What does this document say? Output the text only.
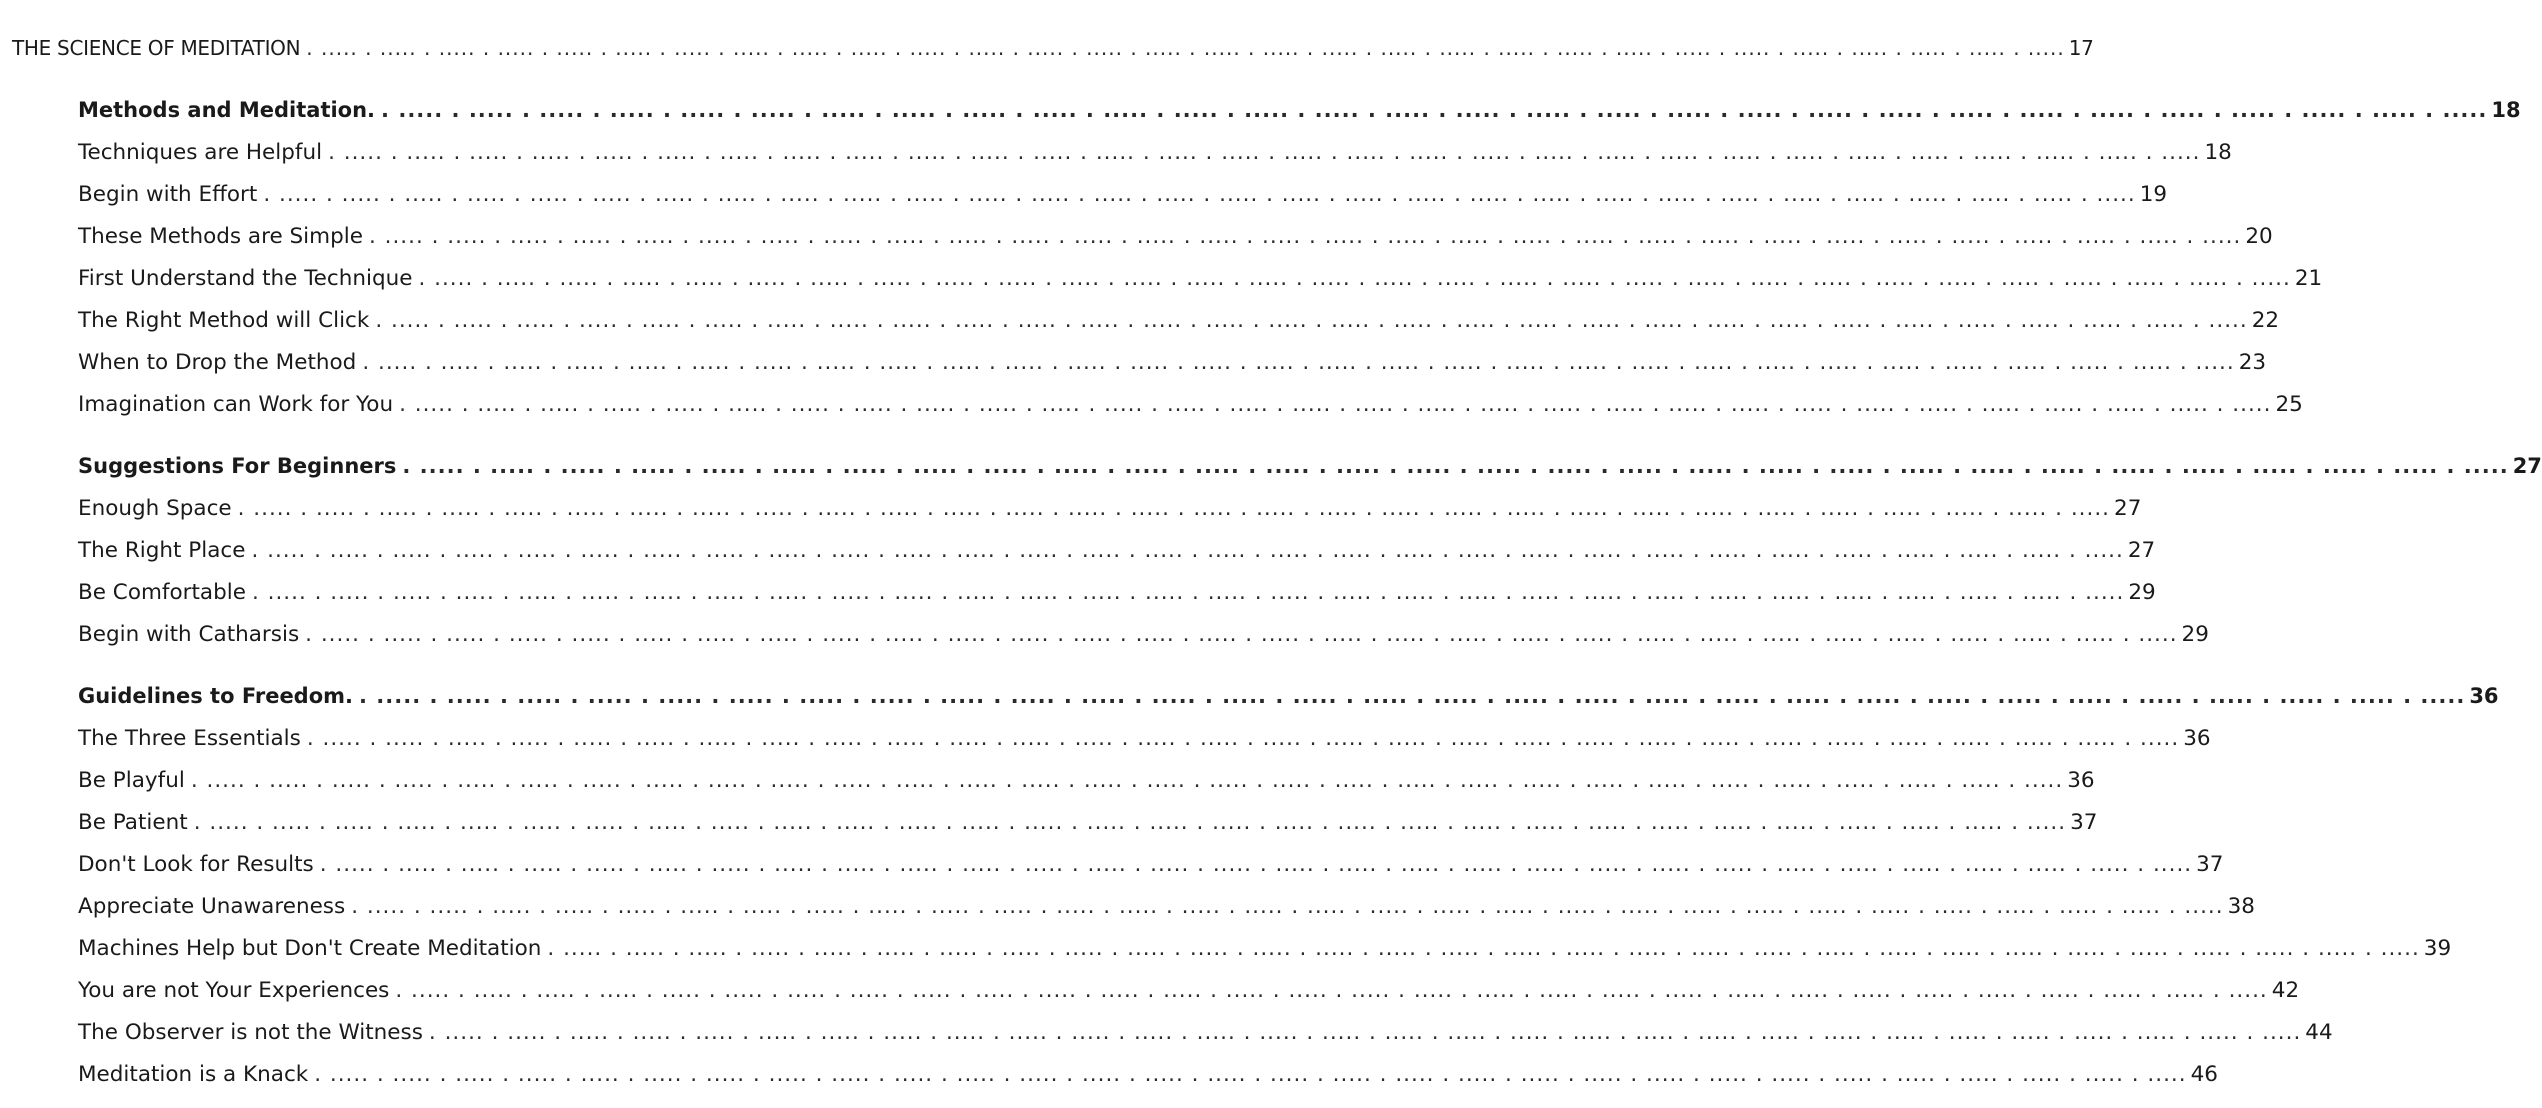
THE SCIENCE OF MEDITATION . ..... . ..... . ..... . ..... . ..... . ..... . ..... . ..... . ..... . ..... . ..... . ..... . ..... . ..... . ..... . ..... . ..... . ..... . ..... . ..... . ..... . ..... . ..... . ..... . ..... . ..... . ..... . ..... . ..... . ..... 17
Methods and Meditation. . ..... . ..... . ..... . ..... . ..... . ..... . ..... . ..... . ..... . ..... . ..... . ..... . ..... . ..... . ..... . ..... . ..... . ..... . ..... . ..... . ..... . ..... . ..... . ..... . ..... . ..... . ..... . ..... . ..... . ..... 18
Techniques are Helpful . ..... . ..... . ..... . ..... . ..... . ..... . ..... . ..... . ..... . ..... . ..... . ..... . ..... . ..... . ..... . ..... . ..... . ..... . ..... . ..... . ..... . ..... . ..... . ..... . ..... . ..... . ..... . ..... . ..... . ..... 18
Begin with Effort . ..... . ..... . ..... . ..... . ..... . ..... . ..... . ..... . ..... . ..... . ..... . ..... . ..... . ..... . ..... . ..... . ..... . ..... . ..... . ..... . ..... . ..... . ..... . ..... . ..... . ..... . ..... . ..... . ..... . ..... 19
These Methods are Simple . ..... . ..... . ..... . ..... . ..... . ..... . ..... . ..... . ..... . ..... . ..... . ..... . ..... . ..... . ..... . ..... . ..... . ..... . ..... . ..... . ..... . ..... . ..... . ..... . ..... . ..... . ..... . ..... . ..... . ..... 20
First Understand the Technique . ..... . ..... . ..... . ..... . ..... . ..... . ..... . ..... . ..... . ..... . ..... . ..... . ..... . ..... . ..... . ..... . ..... . ..... . ..... . ..... . ..... . ..... . ..... . ..... . ..... . ..... . ..... . ..... . ..... . ..... 21
The Right Method will Click . ..... . ..... . ..... . ..... . ..... . ..... . ..... . ..... . ..... . ..... . ..... . ..... . ..... . ..... . ..... . ..... . ..... . ..... . ..... . ..... . ..... . ..... . ..... . ..... . ..... . ..... . ..... . ..... . ..... . ..... 22
When to Drop the Method . ..... . ..... . ..... . ..... . ..... . ..... . ..... . ..... . ..... . ..... . ..... . ..... . ..... . ..... . ..... . ..... . ..... . ..... . ..... . ..... . ..... . ..... . ..... . ..... . ..... . ..... . ..... . ..... . ..... . ..... 23
Imagination can Work for You . ..... . ..... . ..... . ..... . ..... . ..... . ..... . ..... . ..... . ..... . ..... . ..... . ..... . ..... . ..... . ..... . ..... . ..... . ..... . ..... . ..... . ..... . ..... . ..... . ..... . ..... . ..... . ..... . ..... . ..... 25
Suggestions For Beginners . ..... . ..... . ..... . ..... . ..... . ..... . ..... . ..... . ..... . ..... . ..... . ..... . ..... . ..... . ..... . ..... . ..... . ..... . ..... . ..... . ..... . ..... . ..... . ..... . ..... . ..... . ..... . ..... . ..... . ..... 27
Enough Space . ..... . ..... . ..... . ..... . ..... . ..... . ..... . ..... . ..... . ..... . ..... . ..... . ..... . ..... . ..... . ..... . ..... . ..... . ..... . ..... . ..... . ..... . ..... . ..... . ..... . ..... . ..... . ..... . ..... . ..... 27
The Right Place . ..... . ..... . ..... . ..... . ..... . ..... . ..... . ..... . ..... . ..... . ..... . ..... . ..... . ..... . ..... . ..... . ..... . ..... . ..... . ..... . ..... . ..... . ..... . ..... . ..... . ..... . ..... . ..... . ..... . ..... 27
Be Comfortable . ..... . ..... . ..... . ..... . ..... . ..... . ..... . ..... . ..... . ..... . ..... . ..... . ..... . ..... . ..... . ..... . ..... . ..... . ..... . ..... . ..... . ..... . ..... . ..... . ..... . ..... . ..... . ..... . ..... . ..... 29
Begin with Catharsis . ..... . ..... . ..... . ..... . ..... . ..... . ..... . ..... . ..... . ..... . ..... . ..... . ..... . ..... . ..... . ..... . ..... . ..... . ..... . ..... . ..... . ..... . ..... . ..... . ..... . ..... . ..... . ..... . ..... . ..... 29
Guidelines to Freedom. . ..... . ..... . ..... . ..... . ..... . ..... . ..... . ..... . ..... . ..... . ..... . ..... . ..... . ..... . ..... . ..... . ..... . ..... . ..... . ..... . ..... . ..... . ..... . ..... . ..... . ..... . ..... . ..... . ..... . ..... 36
The Three Essentials . ..... . ..... . ..... . ..... . ..... . ..... . ..... . ..... . ..... . ..... . ..... . ..... . ..... . ..... . ..... . ..... . ..... . ..... . ..... . ..... . ..... . ..... . ..... . ..... . ..... . ..... . ..... . ..... . ..... . ..... 36
Be Playful . ..... . ..... . ..... . ..... . ..... . ..... . ..... . ..... . ..... . ..... . ..... . ..... . ..... . ..... . ..... . ..... . ..... . ..... . ..... . ..... . ..... . ..... . ..... . ..... . ..... . ..... . ..... . ..... . ..... . ..... 36
Be Patient . ..... . ..... . ..... . ..... . ..... . ..... . ..... . ..... . ..... . ..... . ..... . ..... . ..... . ..... . ..... . ..... . ..... . ..... . ..... . ..... . ..... . ..... . ..... . ..... . ..... . ..... . ..... . ..... . ..... . ..... 37
Don't Look for Results . ..... . ..... . ..... . ..... . ..... . ..... . ..... . ..... . ..... . ..... . ..... . ..... . ..... . ..... . ..... . ..... . ..... . ..... . ..... . ..... . ..... . ..... . ..... . ..... . ..... . ..... . ..... . ..... . ..... . ..... 37
Appreciate Unawareness . ..... . ..... . ..... . ..... . ..... . ..... . ..... . ..... . ..... . ..... . ..... . ..... . ..... . ..... . ..... . ..... . ..... . ..... . ..... . ..... . ..... . ..... . ..... . ..... . ..... . ..... . ..... . ..... . ..... . ..... 38
Machines Help but Don't Create Meditation . ..... . ..... . ..... . ..... . ..... . ..... . ..... . ..... . ..... . ..... . ..... . ..... . ..... . ..... . ..... . ..... . ..... . ..... . ..... . ..... . ..... . ..... . ..... . ..... . ..... . ..... . ..... . ..... . ..... . ..... 39
You are not Your Experiences . ..... . ..... . ..... . ..... . ..... . ..... . ..... . ..... . ..... . ..... . ..... . ..... . ..... . ..... . ..... . ..... . ..... . ..... . ..... . ..... . ..... . ..... . ..... . ..... . ..... . ..... . ..... . ..... . ..... . ..... 42
The Observer is not the Witness . ..... . ..... . ..... . ..... . ..... . ..... . ..... . ..... . ..... . ..... . ..... . ..... . ..... . ..... . ..... . ..... . ..... . ..... . ..... . ..... . ..... . ..... . ..... . ..... . ..... . ..... . ..... . ..... . ..... . ..... 44
Meditation is a Knack . ..... . ..... . ..... . ..... . ..... . ..... . ..... . ..... . ..... . ..... . ..... . ..... . ..... . ..... . ..... . ..... . ..... . ..... . ..... . ..... . ..... . ..... . ..... . ..... . ..... . ..... . ..... . ..... . ..... . ..... 46
